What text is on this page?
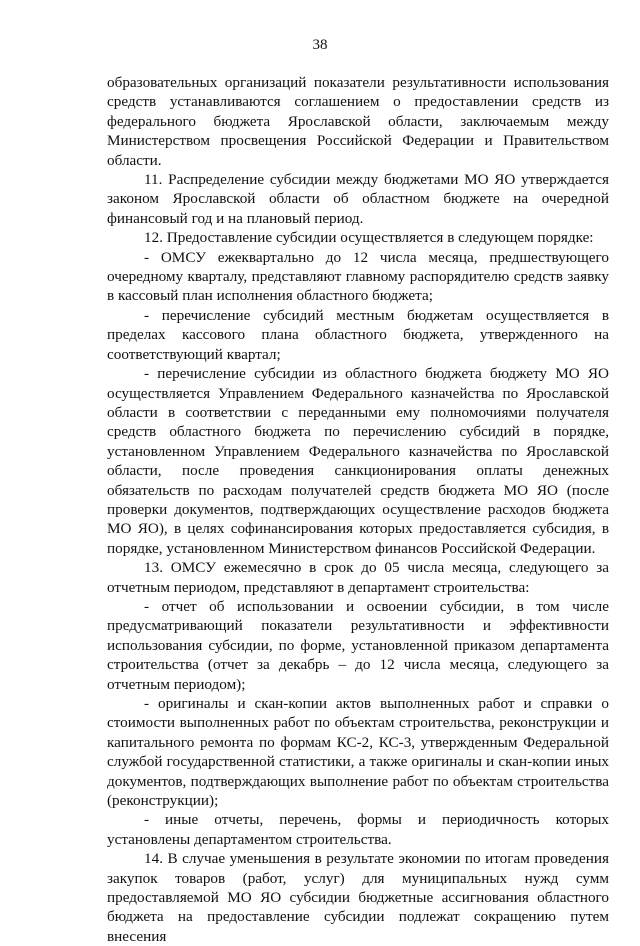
38

образовательных организаций показатели результативности использования средств устанавливаются соглашением о предоставлении средств из федерального бюджета Ярославской области, заключаемым между Министерством просвещения Российской Федерации и Правительством области.

11. Распределение субсидии между бюджетами МО ЯО утверждается законом Ярославской области об областном бюджете на очередной финансовый год и на плановый период.

12. Предоставление субсидии осуществляется в следующем порядке:

- ОМСУ ежеквартально до 12 числа месяца, предшествующего очередному кварталу, представляют главному распорядителю средств заявку в кассовый план исполнения областного бюджета;

- перечисление субсидий местным бюджетам осуществляется в пределах кассового плана областного бюджета, утвержденного на соответствующий квартал;

- перечисление субсидии из областного бюджета бюджету МО ЯО осуществляется Управлением Федерального казначейства по Ярославской области в соответствии с переданными ему полномочиями получателя средств областного бюджета по перечислению субсидий в порядке, установленном Управлением Федерального казначейства по Ярославской области, после проведения санкционирования оплаты денежных обязательств по расходам получателей средств бюджета МО ЯО (после проверки документов, подтверждающих осуществление расходов бюджета МО ЯО), в целях софинансирования которых предоставляется субсидия, в порядке, установленном Министерством финансов Российской Федерации.

13. ОМСУ ежемесячно в срок до 05 числа месяца, следующего за отчетным периодом, представляют в департамент строительства:

- отчет об использовании и освоении субсидии, в том числе предусматривающий показатели результативности и эффективности использования субсидии, по форме, установленной приказом департамента строительства (отчет за декабрь – до 12 числа месяца, следующего за отчетным периодом);

- оригиналы и скан-копии актов выполненных работ и справки о стоимости выполненных работ по объектам строительства, реконструкции и капитального ремонта по формам КС-2, КС-3, утвержденным Федеральной службой государственной статистики, а также оригиналы и скан-копии иных документов, подтверждающих выполнение работ по объектам строительства (реконструкции);

- иные отчеты, перечень, формы и периодичность которых установлены департаментом строительства.

14. В случае уменьшения в результате экономии по итогам проведения закупок товаров (работ, услуг) для муниципальных нужд сумм предоставляемой МО ЯО субсидии бюджетные ассигнования областного бюджета на предоставление субсидии подлежат сокращению путем внесения
